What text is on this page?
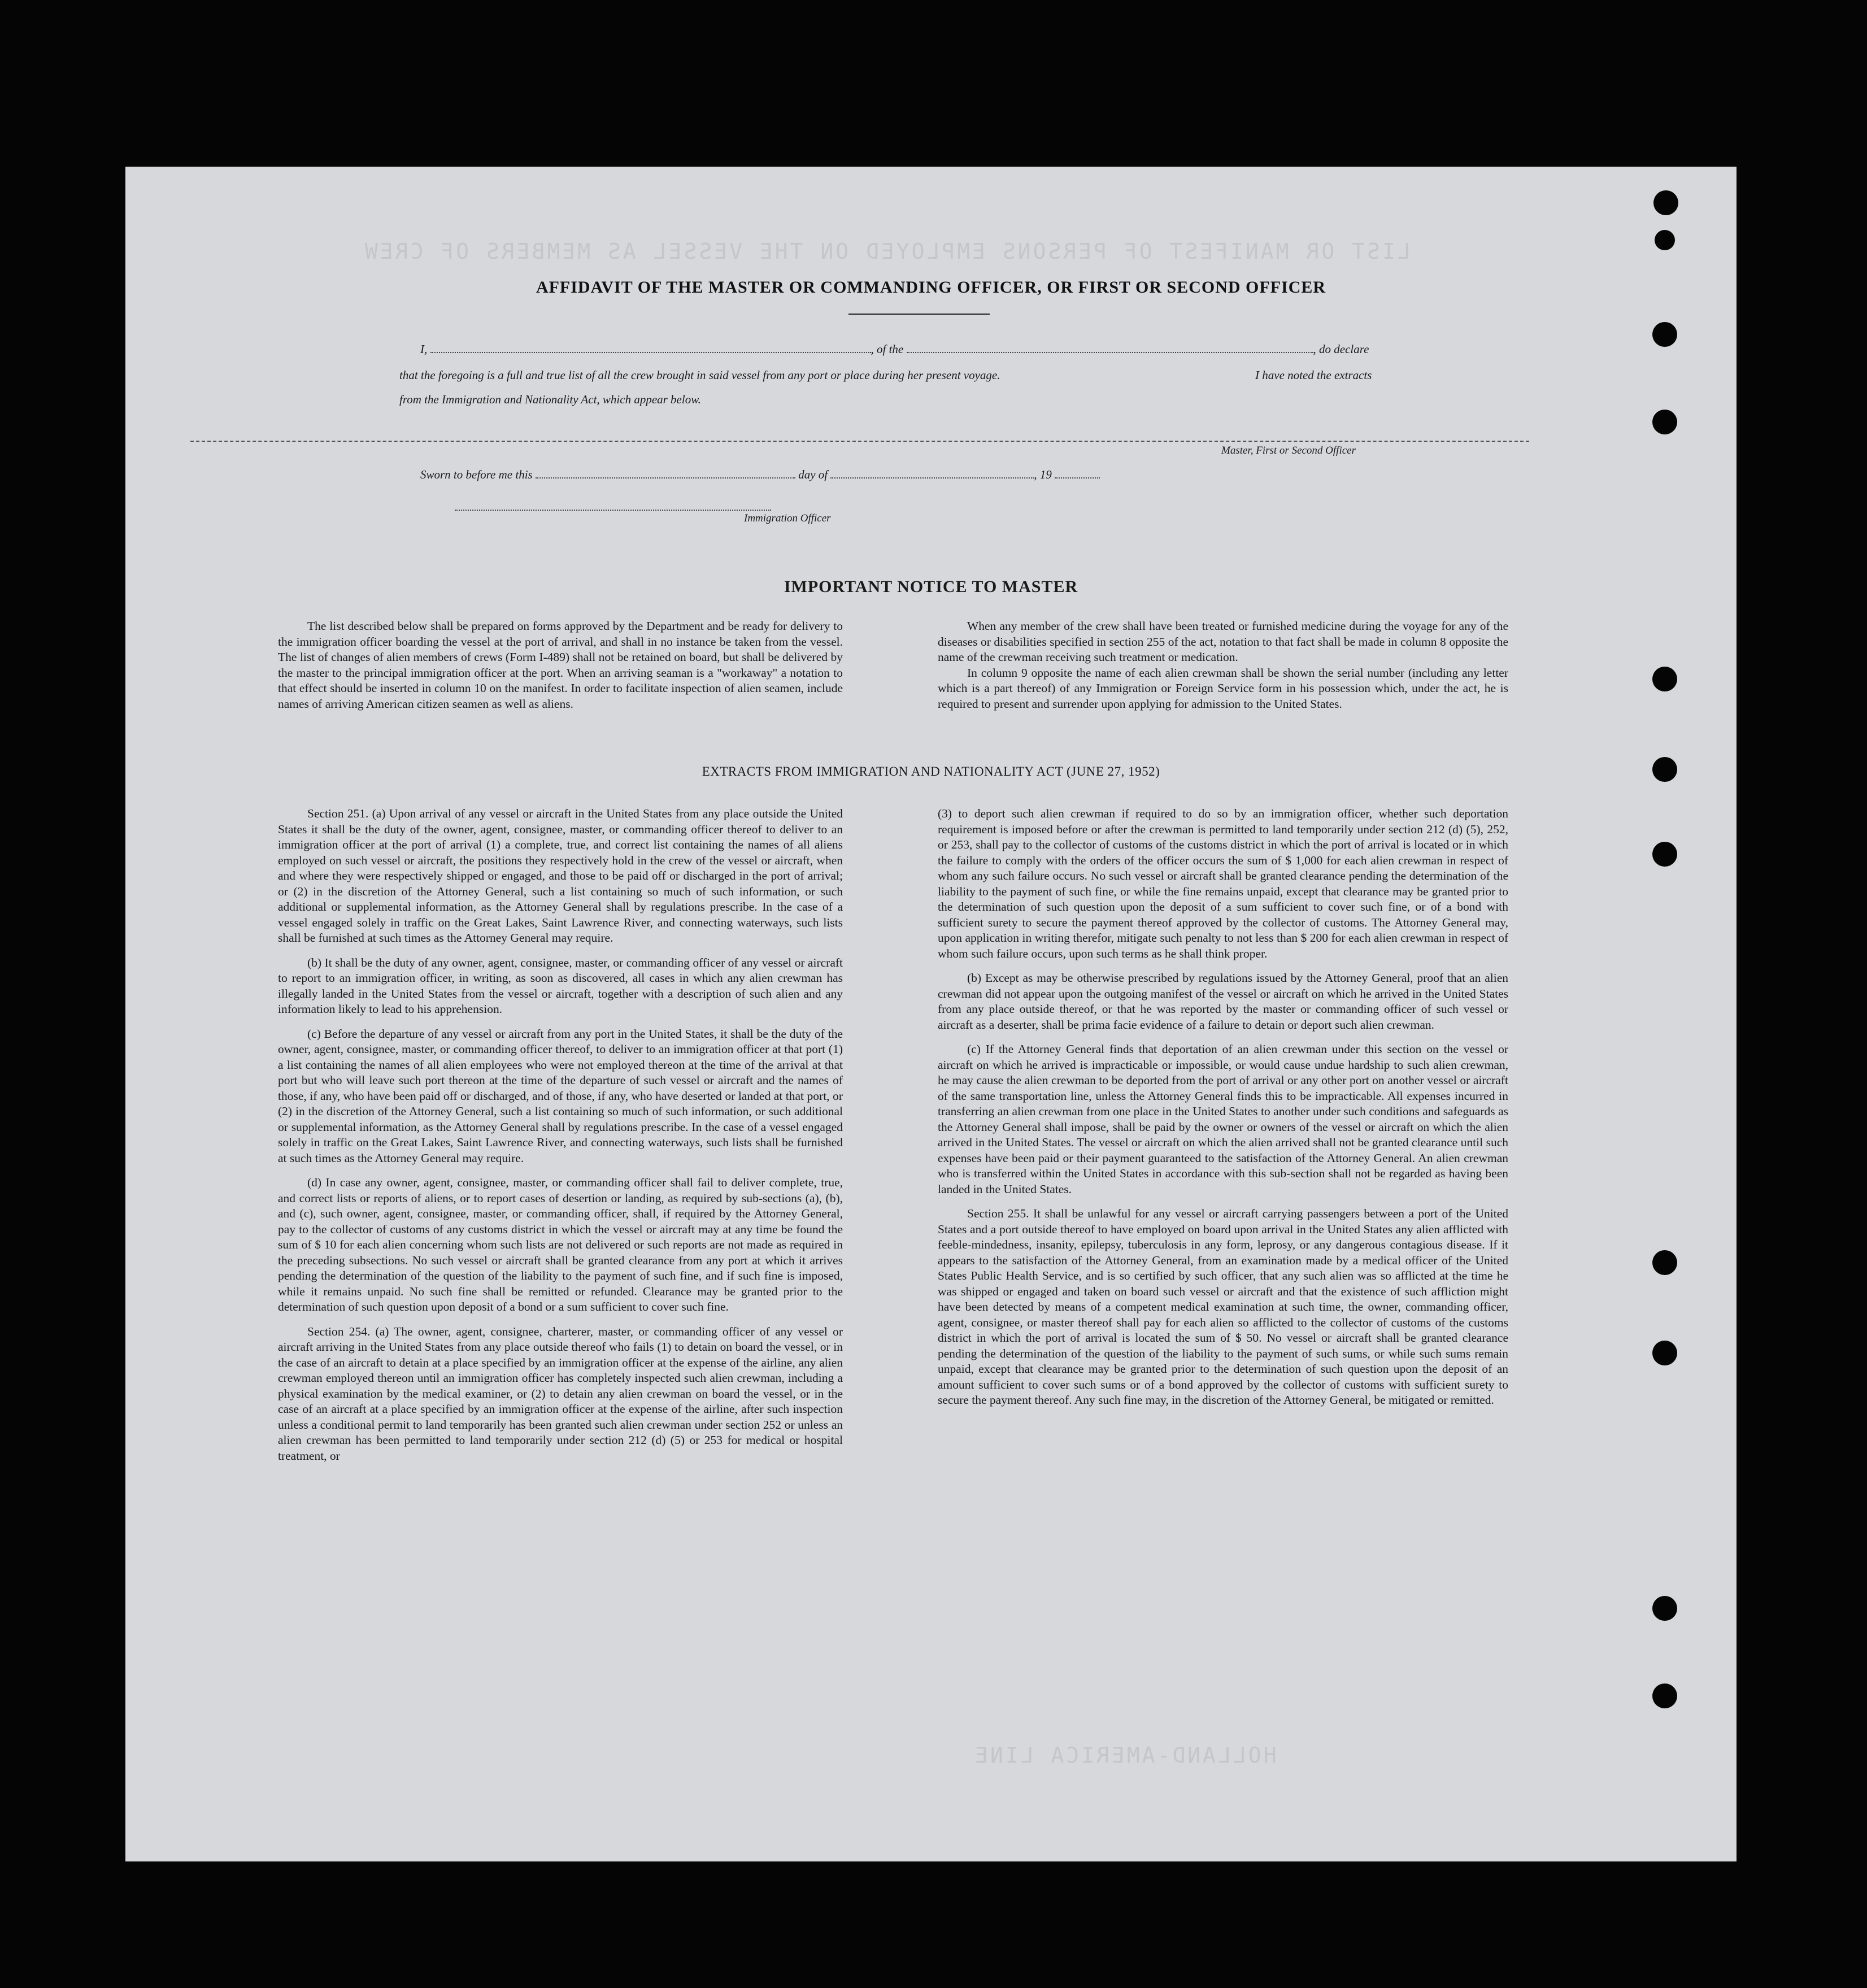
LIST OR MANIFEST OF PERSONS EMPLOYED ON THE VESSEL AS MEMBERS OF CREW
HOLLAND-AMERICA LINE
AFFIDAVIT OF THE MASTER OR COMMANDING OFFICER, OR FIRST OR SECOND OFFICER
I,	, of the	, do declare
that the foregoing is a full and true list of all the crew brought in said vessel from any port or place during her present voyage.	I have noted the extracts
from the Immigration and Nationality Act, which appear below.
Master, First or Second Officer
Sworn to before me this	day of	, 19
Immigration Officer
IMPORTANT NOTICE TO MASTER

The list described below shall be prepared on forms approved by the Department and be ready for delivery to the immigration officer boarding the vessel at the port of arrival, and shall in no instance be taken from the vessel. The list of changes of alien members of crews (Form I-489) shall not be retained on board, but shall be delivered by the master to the principal immigration officer at the port. When an arriving seaman is a "workaway" a notation to that effect should be inserted in column 10 on the manifest. In order to facilitate inspection of alien seamen, include names of arriving American citizen seamen as well as aliens.

When any member of the crew shall have been treated or furnished medicine during the voyage for any of the diseases or disabilities specified in section 255 of the act, notation to that fact shall be made in column 8 opposite the name of the crewman receiving such treatment or medication.

In column 9 opposite the name of each alien crewman shall be shown the serial number (including any letter which is a part thereof) of any Immigration or Foreign Service form in his possession which, under the act, he is required to present and surrender upon applying for admission to the United States.

EXTRACTS FROM IMMIGRATION AND NATIONALITY ACT (JUNE 27, 1952)

Section 251. (a) Upon arrival of any vessel or aircraft in the United States from any place outside the United States it shall be the duty of the owner, agent, consignee, master, or commanding officer thereof to deliver to an immigration officer at the port of arrival (1) a complete, true, and correct list containing the names of all aliens employed on such vessel or aircraft, the positions they respectively hold in the crew of the vessel or aircraft, when and where they were respectively shipped or engaged, and those to be paid off or discharged in the port of arrival; or (2) in the discretion of the Attorney General, such a list containing so much of such information, or such additional or supplemental information, as the Attorney General shall by regulations prescribe. In the case of a vessel engaged solely in traffic on the Great Lakes, Saint Lawrence River, and connecting waterways, such lists shall be furnished at such times as the Attorney General may require.

(b) It shall be the duty of any owner, agent, consignee, master, or commanding officer of any vessel or aircraft to report to an immigration officer, in writing, as soon as discovered, all cases in which any alien crewman has illegally landed in the United States from the vessel or aircraft, together with a description of such alien and any information likely to lead to his apprehension.

(c) Before the departure of any vessel or aircraft from any port in the United States, it shall be the duty of the owner, agent, consignee, master, or commanding officer thereof, to deliver to an immigration officer at that port (1) a list containing the names of all alien employees who were not employed thereon at the time of the arrival at that port but who will leave such port thereon at the time of the departure of such vessel or aircraft and the names of those, if any, who have been paid off or discharged, and of those, if any, who have deserted or landed at that port, or (2) in the discretion of the Attorney General, such a list containing so much of such information, or such additional or supplemental information, as the Attorney General shall by regulations prescribe. In the case of a vessel engaged solely in traffic on the Great Lakes, Saint Lawrence River, and connecting waterways, such lists shall be furnished at such times as the Attorney General may require.

(d) In case any owner, agent, consignee, master, or commanding officer shall fail to deliver complete, true, and correct lists or reports of aliens, or to report cases of desertion or landing, as required by sub-sections (a), (b), and (c), such owner, agent, consignee, master, or commanding officer, shall, if required by the Attorney General, pay to the collector of customs of any customs district in which the vessel or aircraft may at any time be found the sum of $ 10 for each alien concerning whom such lists are not delivered or such reports are not made as required in the preceding subsections. No such vessel or aircraft shall be granted clearance from any port at which it arrives pending the determination of the question of the liability to the payment of such fine, and if such fine is imposed, while it remains unpaid. No such fine shall be remitted or refunded. Clearance may be granted prior to the determination of such question upon deposit of a bond or a sum sufficient to cover such fine.

Section 254. (a) The owner, agent, consignee, charterer, master, or commanding officer of any vessel or aircraft arriving in the United States from any place outside thereof who fails (1) to detain on board the vessel, or in the case of an aircraft to detain at a place specified by an immigration officer at the expense of the airline, any alien crewman employed thereon until an immigration officer has completely inspected such alien crewman, including a physical examination by the medical examiner, or (2) to detain any alien crewman on board the vessel, or in the case of an aircraft at a place specified by an immigration officer at the expense of the airline, after such inspection unless a conditional permit to land temporarily has been granted such alien crewman under section 252 or unless an alien crewman has been permitted to land temporarily under section 212 (d) (5) or 253 for medical or hospital treatment, or

(3) to deport such alien crewman if required to do so by an immigration officer, whether such deportation requirement is imposed before or after the crewman is permitted to land temporarily under section 212 (d) (5), 252, or 253, shall pay to the collector of customs of the customs district in which the port of arrival is located or in which the failure to comply with the orders of the officer occurs the sum of $ 1,000 for each alien crewman in respect of whom any such failure occurs. No such vessel or aircraft shall be granted clearance pending the determination of the liability to the payment of such fine, or while the fine remains unpaid, except that clearance may be granted prior to the determination of such question upon the deposit of a sum sufficient to cover such fine, or of a bond with sufficient surety to secure the payment thereof approved by the collector of customs. The Attorney General may, upon application in writing therefor, mitigate such penalty to not less than $ 200 for each alien crewman in respect of whom such failure occurs, upon such terms as he shall think proper.

(b) Except as may be otherwise prescribed by regulations issued by the Attorney General, proof that an alien crewman did not appear upon the outgoing manifest of the vessel or aircraft on which he arrived in the United States from any place outside thereof, or that he was reported by the master or commanding officer of such vessel or aircraft as a deserter, shall be prima facie evidence of a failure to detain or deport such alien crewman.

(c) If the Attorney General finds that deportation of an alien crewman under this section on the vessel or aircraft on which he arrived is impracticable or impossible, or would cause undue hardship to such alien crewman, he may cause the alien crewman to be deported from the port of arrival or any other port on another vessel or aircraft of the same transportation line, unless the Attorney General finds this to be impracticable. All expenses incurred in transferring an alien crewman from one place in the United States to another under such conditions and safeguards as the Attorney General shall impose, shall be paid by the owner or owners of the vessel or aircraft on which the alien arrived in the United States. The vessel or aircraft on which the alien arrived shall not be granted clearance until such expenses have been paid or their payment guaranteed to the satisfaction of the Attorney General. An alien crewman who is transferred within the United States in accordance with this sub-section shall not be regarded as having been landed in the United States.

Section 255. It shall be unlawful for any vessel or aircraft carrying passengers between a port of the United States and a port outside thereof to have employed on board upon arrival in the United States any alien afflicted with feeble-mindedness, insanity, epilepsy, tuberculosis in any form, leprosy, or any dangerous contagious disease. If it appears to the satisfaction of the Attorney General, from an examination made by a medical officer of the United States Public Health Service, and is so certified by such officer, that any such alien was so afflicted at the time he was shipped or engaged and taken on board such vessel or aircraft and that the existence of such affliction might have been detected by means of a competent medical examination at such time, the owner, commanding officer, agent, consignee, or master thereof shall pay for each alien so afflicted to the collector of customs of the customs district in which the port of arrival is located the sum of $ 50. No vessel or aircraft shall be granted clearance pending the determination of the question of the liability to the payment of such sums, or while such sums remain unpaid, except that clearance may be granted prior to the determination of such question upon the deposit of an amount sufficient to cover such sums or of a bond approved by the collector of customs with sufficient surety to secure the payment thereof. Any such fine may, in the discretion of the Attorney General, be mitigated or remitted.
